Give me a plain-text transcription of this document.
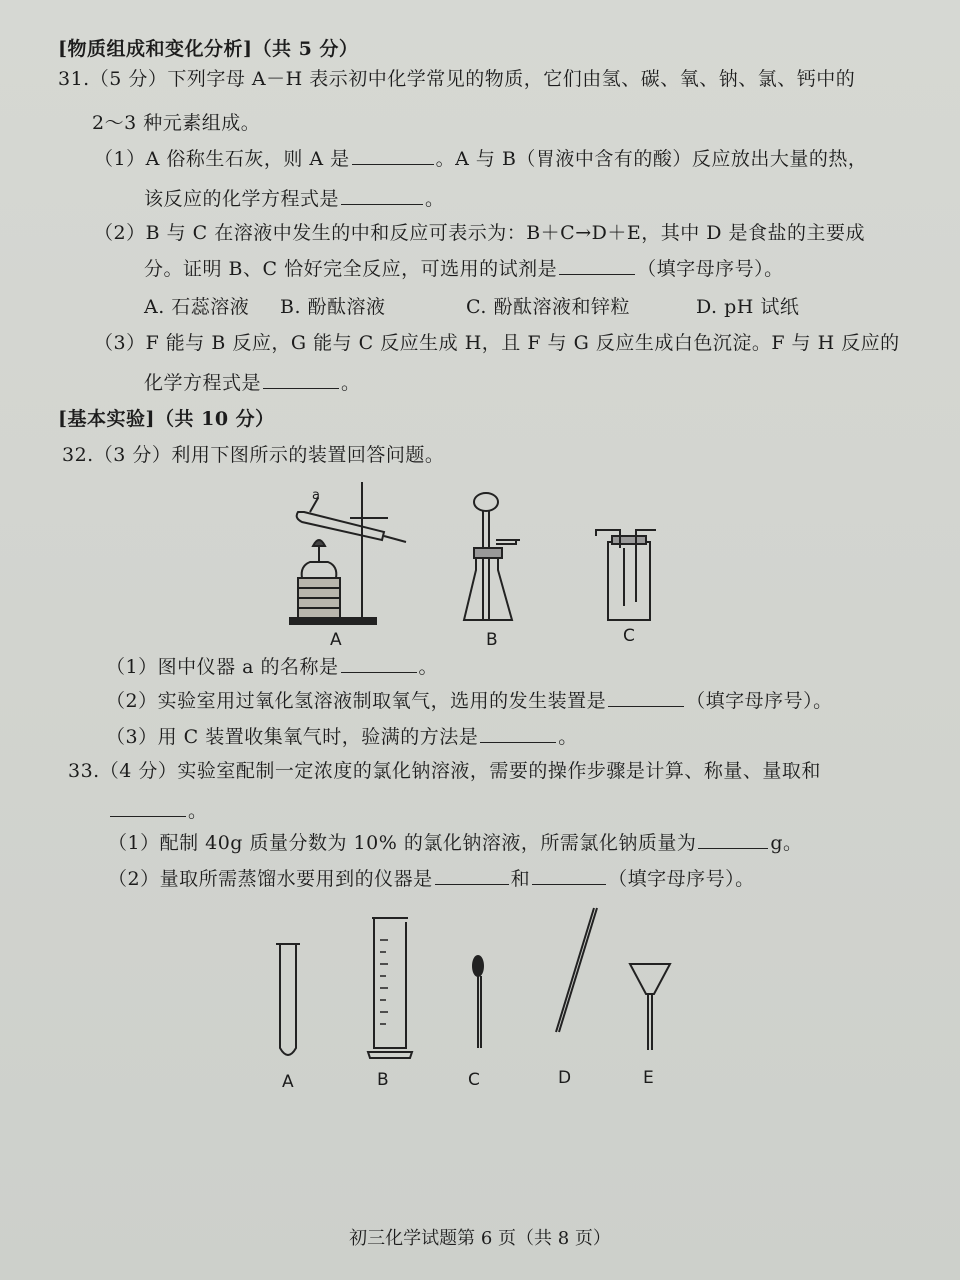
[物质组成和变化分析]（共 5 分）
31.（5 分）下列字母 A－H 表示初中化学常见的物质，它们由氢、碳、氧、钠、氯、钙中的
2～3 种元素组成。
（1）A 俗称生石灰，则 A 是	。A 与 B（胃液中含有的酸）反应放出大量的热，
该反应的化学方程式是	。
（2）B 与 C 在溶液中发生的中和反应可表示为：B＋C→D＋E，其中 D 是食盐的主要成
分。证明 B、C 恰好完全反应，可选用的试剂是	（填字母序号）。
A. 石蕊溶液 B. 酚酞溶液	C. 酚酞溶液和锌粒	D. pH 试纸
（3）F 能与 B 反应，G 能与 C 反应生成 H，且 F 与 G 反应生成白色沉淀。F 与 H 反应的
化学方程式是	。
[基本实验]（共 10 分）
32.（3 分）利用下图所示的装置回答问题。
a
A	B	C
（1）图中仪器 a 的名称是	。
（2）实验室用过氧化氢溶液制取氧气，选用的发生装置是	（填字母序号）。
（3）用 C 装置收集氧气时，验满的方法是	。
33.（4 分）实验室配制一定浓度的氯化钠溶液，需要的操作步骤是计算、称量、量取和
。
（1）配制 40g 质量分数为 10% 的氯化钠溶液，所需氯化钠质量为	g。
（2）量取所需蒸馏水要用到的仪器是	和	（填字母序号）。
A	B	C	D	E
初三化学试题第 6 页（共 8 页）
